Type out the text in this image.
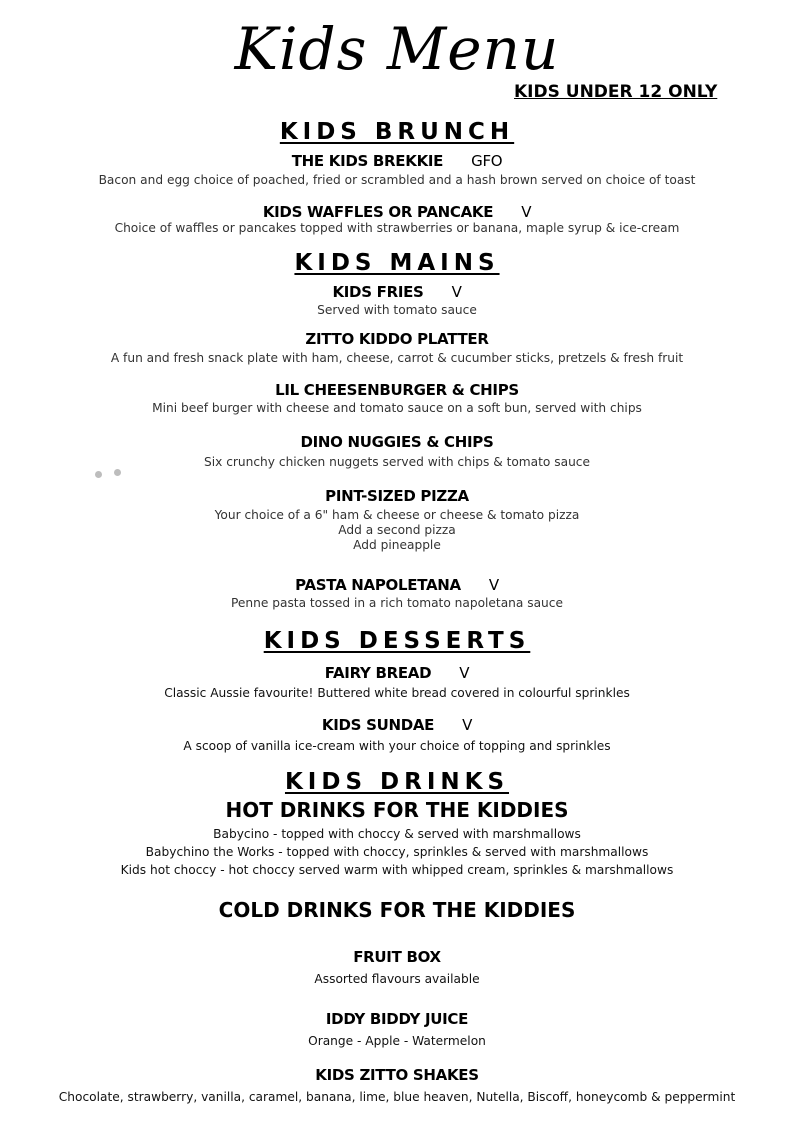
Kids Menu
KIDS UNDER 12 ONLY
KIDS BRUNCH
THE KIDS BREKKIE GFO
Bacon and egg choice of poached, fried or scrambled and a hash brown served on choice of toast
KIDS WAFFLES OR PANCAKE V
Choice of waffles or pancakes topped with strawberries or banana, maple syrup & ice-cream
KIDS MAINS
KIDS FRIES V
Served with tomato sauce
ZITTO KIDDO PLATTER
A fun and fresh snack plate with ham, cheese, carrot & cucumber sticks, pretzels & fresh fruit
LIL CHEESENBURGER & CHIPS
Mini beef burger with cheese and tomato sauce on a soft bun, served with chips
DINO NUGGIES & CHIPS
Six crunchy chicken nuggets served with chips & tomato sauce
PINT-SIZED PIZZA
Your choice of a 6" ham & cheese or cheese & tomato pizza
Add a second pizza
Add pineapple
PASTA NAPOLETANA V
Penne pasta tossed in a rich tomato napoletana sauce
KIDS DESSERTS
FAIRY BREAD V
Classic Aussie favourite! Buttered white bread covered in colourful sprinkles
KIDS SUNDAE V
A scoop of vanilla ice-cream with your choice of topping and sprinkles
KIDS DRINKS
HOT DRINKS FOR THE KIDDIES
Babycino - topped with choccy & served with marshmallows
Babychino the Works - topped with choccy, sprinkles & served with marshmallows
Kids hot choccy - hot choccy served warm with whipped cream, sprinkles & marshmallows
COLD DRINKS FOR THE KIDDIES
FRUIT BOX
Assorted flavours available
IDDY BIDDY JUICE
Orange - Apple - Watermelon
KIDS ZITTO SHAKES
Chocolate, strawberry, vanilla, caramel, banana, lime, blue heaven, Nutella, Biscoff, honeycomb & peppermint
